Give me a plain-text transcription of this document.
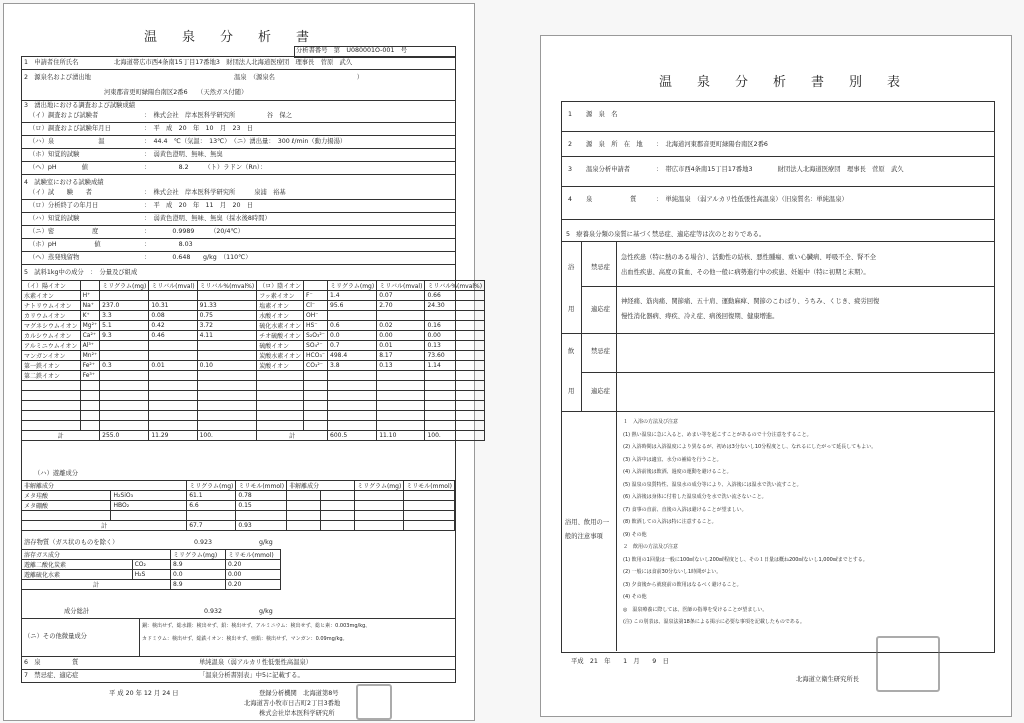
温　泉　分　析　書
分析書番号　第　U080001O-001　号
1　申請者住所氏名	北海道帯広市西4条南15丁目17番地3　財団法人北海道医療団　理事長　菅原　武久
2　源泉名および湧出地	温泉　（源泉名　　　　　　　　　　　　　）
河東郡音更町緑陽台南区2番6　　（天然ガス付随）
3　湧出地における調査および試験成績
4　試験室における試験成績
5　試料1kg中の成分　：　分量及び組成
（イ）陽イオン		ミリグラム(mg)	ミリバル(mval)	ミリバル%(mval%)	（ロ）陰イオン		ミリグラム(mg)	ミリバル(mval)	ミリバル%(mval%)
水素イオン	H⁺				フッ素イオン	F⁻	1.4	0.07	0.66
ナトリウムイオン	Na⁺	237.0	10.31	91.33	塩素イオン	Cl⁻	95.6	2.70	24.30
カリウムイオン	K⁺	3.3	0.08	0.75	水酸イオン	OH⁻			
マグネシウムイオン	Mg²⁺	5.1	0.42	3.72	硫化水素イオン	HS⁻	0.6	0.02	0.16
カルシウムイオン	Ca²⁺	9.3	0.46	4.11	チオ硫酸イオン	S₂O₃²⁻	0.0	0.00	0.00
アルミニウムイオン	Al³⁺				硫酸イオン	SO₄²⁻	0.7	0.01	0.13
マンガンイオン	Mn²⁺				炭酸水素イオン	HCO₃⁻	498.4	8.17	73.60
第一鉄イオン	Fe²⁺	0.3	0.01	0.10	炭酸イオン	CO₃²⁻	3.8	0.13	1.14
第二鉄イオン	Fe³⁺								

計		255.0	11.29	100.	計		600.5	11.10	100.
（ハ）遊離成分
非解離成分		ミリグラム(mg)	ミリモル(mmol)	非解離成分		ミリグラム(mg)	ミリモル(mmol)
メタ珪酸	H₂SiO₃	61.1	0.78				
メタ硼酸	HBO₂	6.6	0.15				

計		67.7	0.93				
溶存物質（ガス状のものを除く）	0.923	g/kg
溶存ガス成分		ミリグラム(mg)	ミリモル(mmol)
遊離二酸化炭素	CO₂	8.9	0.20
遊離硫化水素	H₂S	0.0	0.00
計		8.9	0.20
成分総計	0.932	g/kg
（ニ）その他微量成分
銅：検出せず、総水銀：検出せず、鉛：検出せず、アルミニウム：検出せず、総ヒ素：0.003mg/kg、
カドミウム：検出せず、総鉄イオン：検出せず、亜鉛：検出せず、マンガン：0.09mg/kg。
6　泉　　　　　質	単純温泉（弱アルカリ性低張性高温泉）
7　禁忌症、適応症	「温泉分析書別表」中5に記載する。
平 成 20 年 12 月 24 日	登録分析機関　北海道第8号
北海道苫小牧市日吉町2丁目3番地
株式会社岸本医科学研究所
（イ）調査および試験者	：　株式会社　岸本医科学研究所　　　　　谷　保之
（ロ）調査および試験年月日	：　平　成　20　年　10　月　23　日
（ハ）泉　　　　　　　温	：　44.4　℃（気温：　13℃）　（ニ）湧出量：　300 ℓ/min（動力揚湯）
（ホ）知覚的試験	：　弱黄色澄明、無味、無臭
（ヘ）pH　　　　値	：　　　　　8.2　　　（ト）ラドン（Rn）：
（イ）試　　験　　者	：　株式会社　岸本医科学研究所　　　泉浦　裕基
（ロ）分析終了の年月日	：　平　成　20　年　11　月　20　日
（ハ）知覚的試験	：　弱黄色澄明、無味、無臭（採水後8時間）
（ニ）密　　　　　　度	：　　　　0.9989　　　（20/4℃）
（ホ）pH　　　　　　値	：　　　　　8.03
（ヘ）蒸発残留物	：　　　　0.648　　g/kg　（110℃）
温　泉　分　析　書　別　表
5　療養泉分類の泉質に基づく禁忌症、適応症等は次のとおりである。
浴	禁忌症
急性疾患（特に熱のある場合）、活動性の結核、悪性腫瘍、重い心臓病、呼吸不全、腎不全
出血性疾患、高度の貧血、その他一般に病勢進行中の疾患、妊娠中（特に初期と末期）。
用	適応症
神経痛、筋肉痛、関節痛、五十肩、運動麻痺、関節のこわばり、うちみ、くじき、疲労回復
慢性消化器病、痔疾、冷え症、病後回復期、健康増進。
飲	禁忌症
用	適応症
浴用、飲用の一般的注意事項
平成　21　年　　1　月　　9　日
北海道立衛生研究所長
1 源　泉　名
2 源　泉　所　在　地 ：　北海道河東郡音更町緑陽台南区2番6
3 温泉分析申請者	：　帯広市西4条南15丁目17番地3　　　　財団法人北海道医療団　理事長　菅原　武久
4 泉　　　　　　質	：　単純温泉　（弱アルカリ性低張性高温泉）（旧泉質名：単純温泉）
１　入浴の方法及び注意
(1) 熱い温泉に急に入ると、めまい等を起こすことがあるので十分注意をすること。
(2) 入浴時間は入浴温度により異なるが、初めは3分ないし10分程度とし、なれるにしたがって延長してもよい。
(3) 入浴中は適宜、水分の補給を行うこと。
(4) 入浴前後は飲酒、過度の運動を避けること。
(5) 温泉の泉質特性、温泉水の成分等により、入浴後には温水で洗い流すこと。
(6) 入浴後は身体に付着した温泉成分を水で洗い流さないこと。
(7) 食事の直前、直後の入浴は避けることが望ましい。
(8) 飲酒しての入浴は特に注意すること。
(9) その他
２　飲用の方法及び注意
(1) 飲用の1回量は一般に100㎖ないし200㎖程度とし、その１日量は概ね200㎖ないし1,000㎖までとする。
(2) 一般には食前30分ないし1時間がよい。
(3) 夕食後から就寝前の飲用はなるべく避けること。
(4) その他
◎　温泉療養に際しては、医師の指導を受けることが望ましい。
(注) この別表は、温泉法第18条による掲示に必要な事項を記載したものである。
